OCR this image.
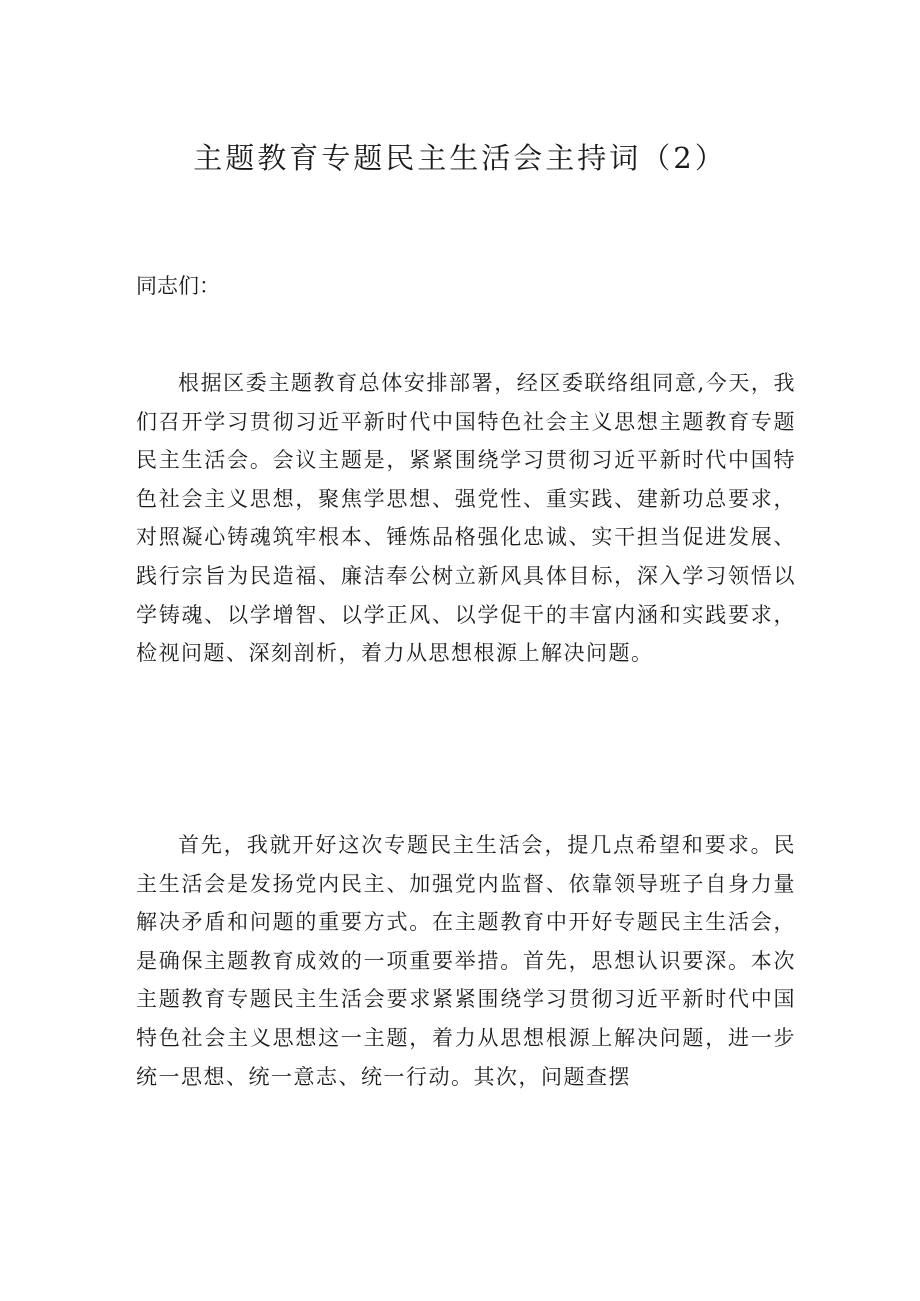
主题教育专题民主生活会主持词（2）
同志们：

根据区委主题教育总体安排部署，经区委联络组同意,今天，我们召开学习贯彻习近平新时代中国特色社会主义思想主题教育专题民主生活会。会议主题是，紧紧围绕学习贯彻习近平新时代中国特色社会主义思想，聚焦学思想、强党性、重实践、建新功总要求，对照凝心铸魂筑牢根本、锤炼品格强化忠诚、实干担当促进发展、践行宗旨为民造福、廉洁奉公树立新风具体目标，深入学习领悟以学铸魂、以学增智、以学正风、以学促干的丰富内涵和实践要求，检视问题、深刻剖析，着力从思想根源上解决问题。

首先，我就开好这次专题民主生活会，提几点希望和要求。民主生活会是发扬党内民主、加强党内监督、依靠领导班子自身力量解决矛盾和问题的重要方式。在主题教育中开好专题民主生活会，是确保主题教育成效的一项重要举措。首先，思想认识要深。本次主题教育专题民主生活会要求紧紧围绕学习贯彻习近平新时代中国特色社会主义思想这一主题，着力从思想根源上解决问题，进一步统一思想、统一意志、统一行动。其次，问题查摆
